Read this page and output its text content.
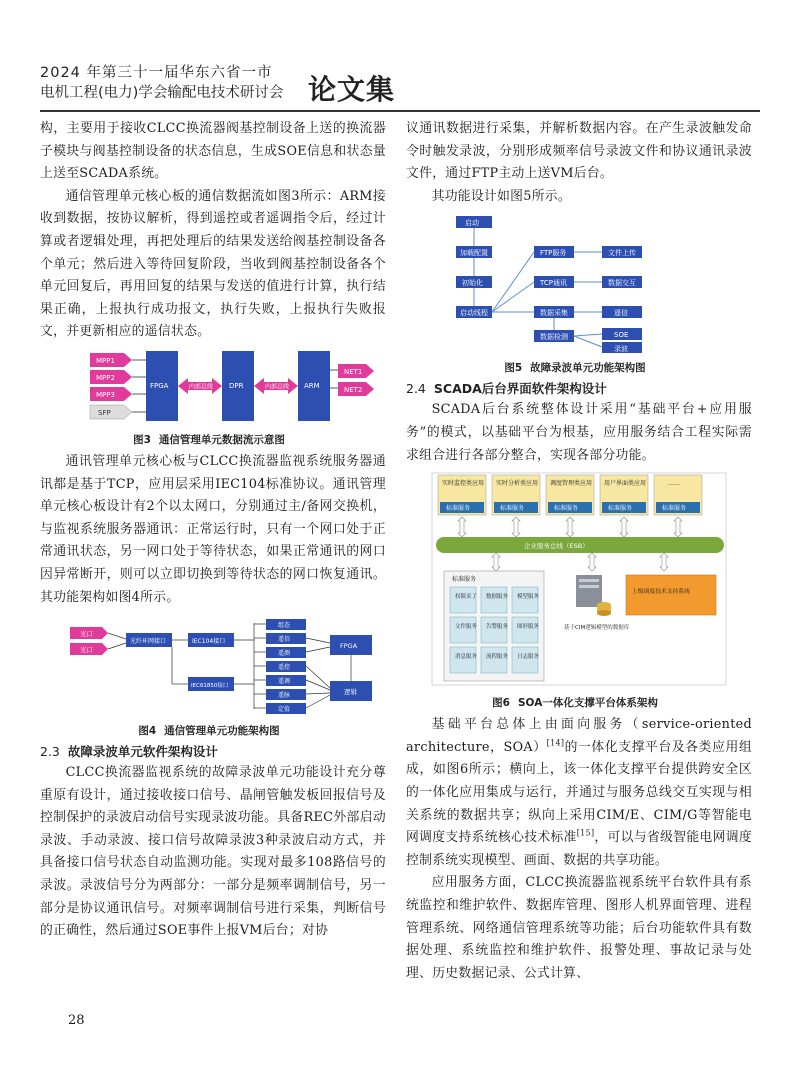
2024 年第三十一届华东六省一市
电机工程(电力)学会输配电技术研讨会 论文集

构，主要用于接收CLCC换流器阀基控制设备上送的换流器子模块与阀基控制设备的状态信息，生成SOE信息和状态量上送至SCADA系统。

通信管理单元核心板的通信数据流如图3所示：ARM接收到数据，按协议解析，得到遥控或者遥调指令后，经过计算或者逻辑处理，再把处理后的结果发送给阀基控制设备各个单元；然后进入等待回复阶段，当收到阀基控制设备各个单元回复后，再用回复的结果与发送的值进行计算，执行结果正确，上报执行成功报文，执行失败，上报执行失败报文，并更新相应的遥信状态。

MPP1
MPP2
MPP3
SFP
FPGA	内部总线 DPR	内部总线 ARM
NET1
NET2
图3 通信管理单元数据流示意图

通讯管理单元核心板与CLCC换流器监视系统服务器通讯都是基于TCP，应用层采用IEC104标准协议。通讯管理单元核心板设计有2个以太网口，分别通过主/备网交换机，与监视系统服务器通讯：正常运行时，只有一个网口处于正常通讯状态，另一网口处于等待状态，如果正常通讯的网口因异常断开，则可以立即切换到等待状态的网口恢复通讯。其功能架构如图4所示。

光口
光口
光纤环网接口	IEC104接口
组态
遥信
遥测
FPGA
遥控
遥调
遥脉
定值
IEC61850接口
逻辑
图4 通信管理单元功能架构图
2.3 故障录波单元软件架构设计

CLCC换流器监视系统的故障录波单元功能设计充分尊重原有设计，通过接收接口信号、晶闸管触发板回报信号及控制保护的录波启动信号实现录波功能。具备REC外部启动录波、手动录波、接口信号故障录波3种录波启动方式，并具备接口信号状态自动监测功能。实现对最多108路信号的录波。录波信号分为两部分：一部分是频率调制信号，另一部分是协议通讯信号。对频率调制信号进行采集，判断信号的正确性，然后通过SOE事件上报VM后台；对协

议通讯数据进行采集，并解析数据内容。在产生录波触发命令时触发录波，分别形成频率信号录波文件和协议通讯录波文件，通过FTP主动上送VM后台。

其功能设计如图5所示。

启动
加载配置
初始化
启动线程
FTP服务	文件上传
TCP通讯	数据交互
数据采集	遥信
数据检测	SOE
录波
图5 故障录波单元功能架构图
2.4 SCADA后台界面软件架构设计

SCADA后台系统整体设计采用“基础平台+应用服务”的模式，以基础平台为根基，应用服务结合工程实际需求组合进行各部分整合，实现各部分功能。

实时监控类应用
标准服务
实时分析类应用
标准服务
调度管理类应用
标准服务
用户界面类应用
标准服务
……
标准服务
企业服务总线（ESB）
标准服务
权限采了 数据服务 模型服务
文件服务 告警服务 图形服务
消息服务 流程服务 日志服务
基于CIM逻辑模型的数据库
上级调度技术支持系统
图6 SOA一体化支撑平台体系架构

基础平台总体上由面向服务（service-oriented architecture，SOA）[14]的一体化支撑平台及各类应用组成，如图6所示；横向上，该一体化支撑平台提供跨安全区的一体化应用集成与运行，并通过与服务总线交互实现与相关系统的数据共享；纵向上采用CIM/E、CIM/G等智能电网调度支持系统核心技术标准[15]，可以与省级智能电网调度控制系统实现模型、画面、数据的共享功能。

应用服务方面，CLCC换流器监视系统平台软件具有系统监控和维护软件、数据库管理、图形人机界面管理、进程管理系统、网络通信管理系统等功能；后台功能软件具有数据处理、系统监控和维护软件、报警处理、事故记录与处理、历史数据记录、公式计算、

28
